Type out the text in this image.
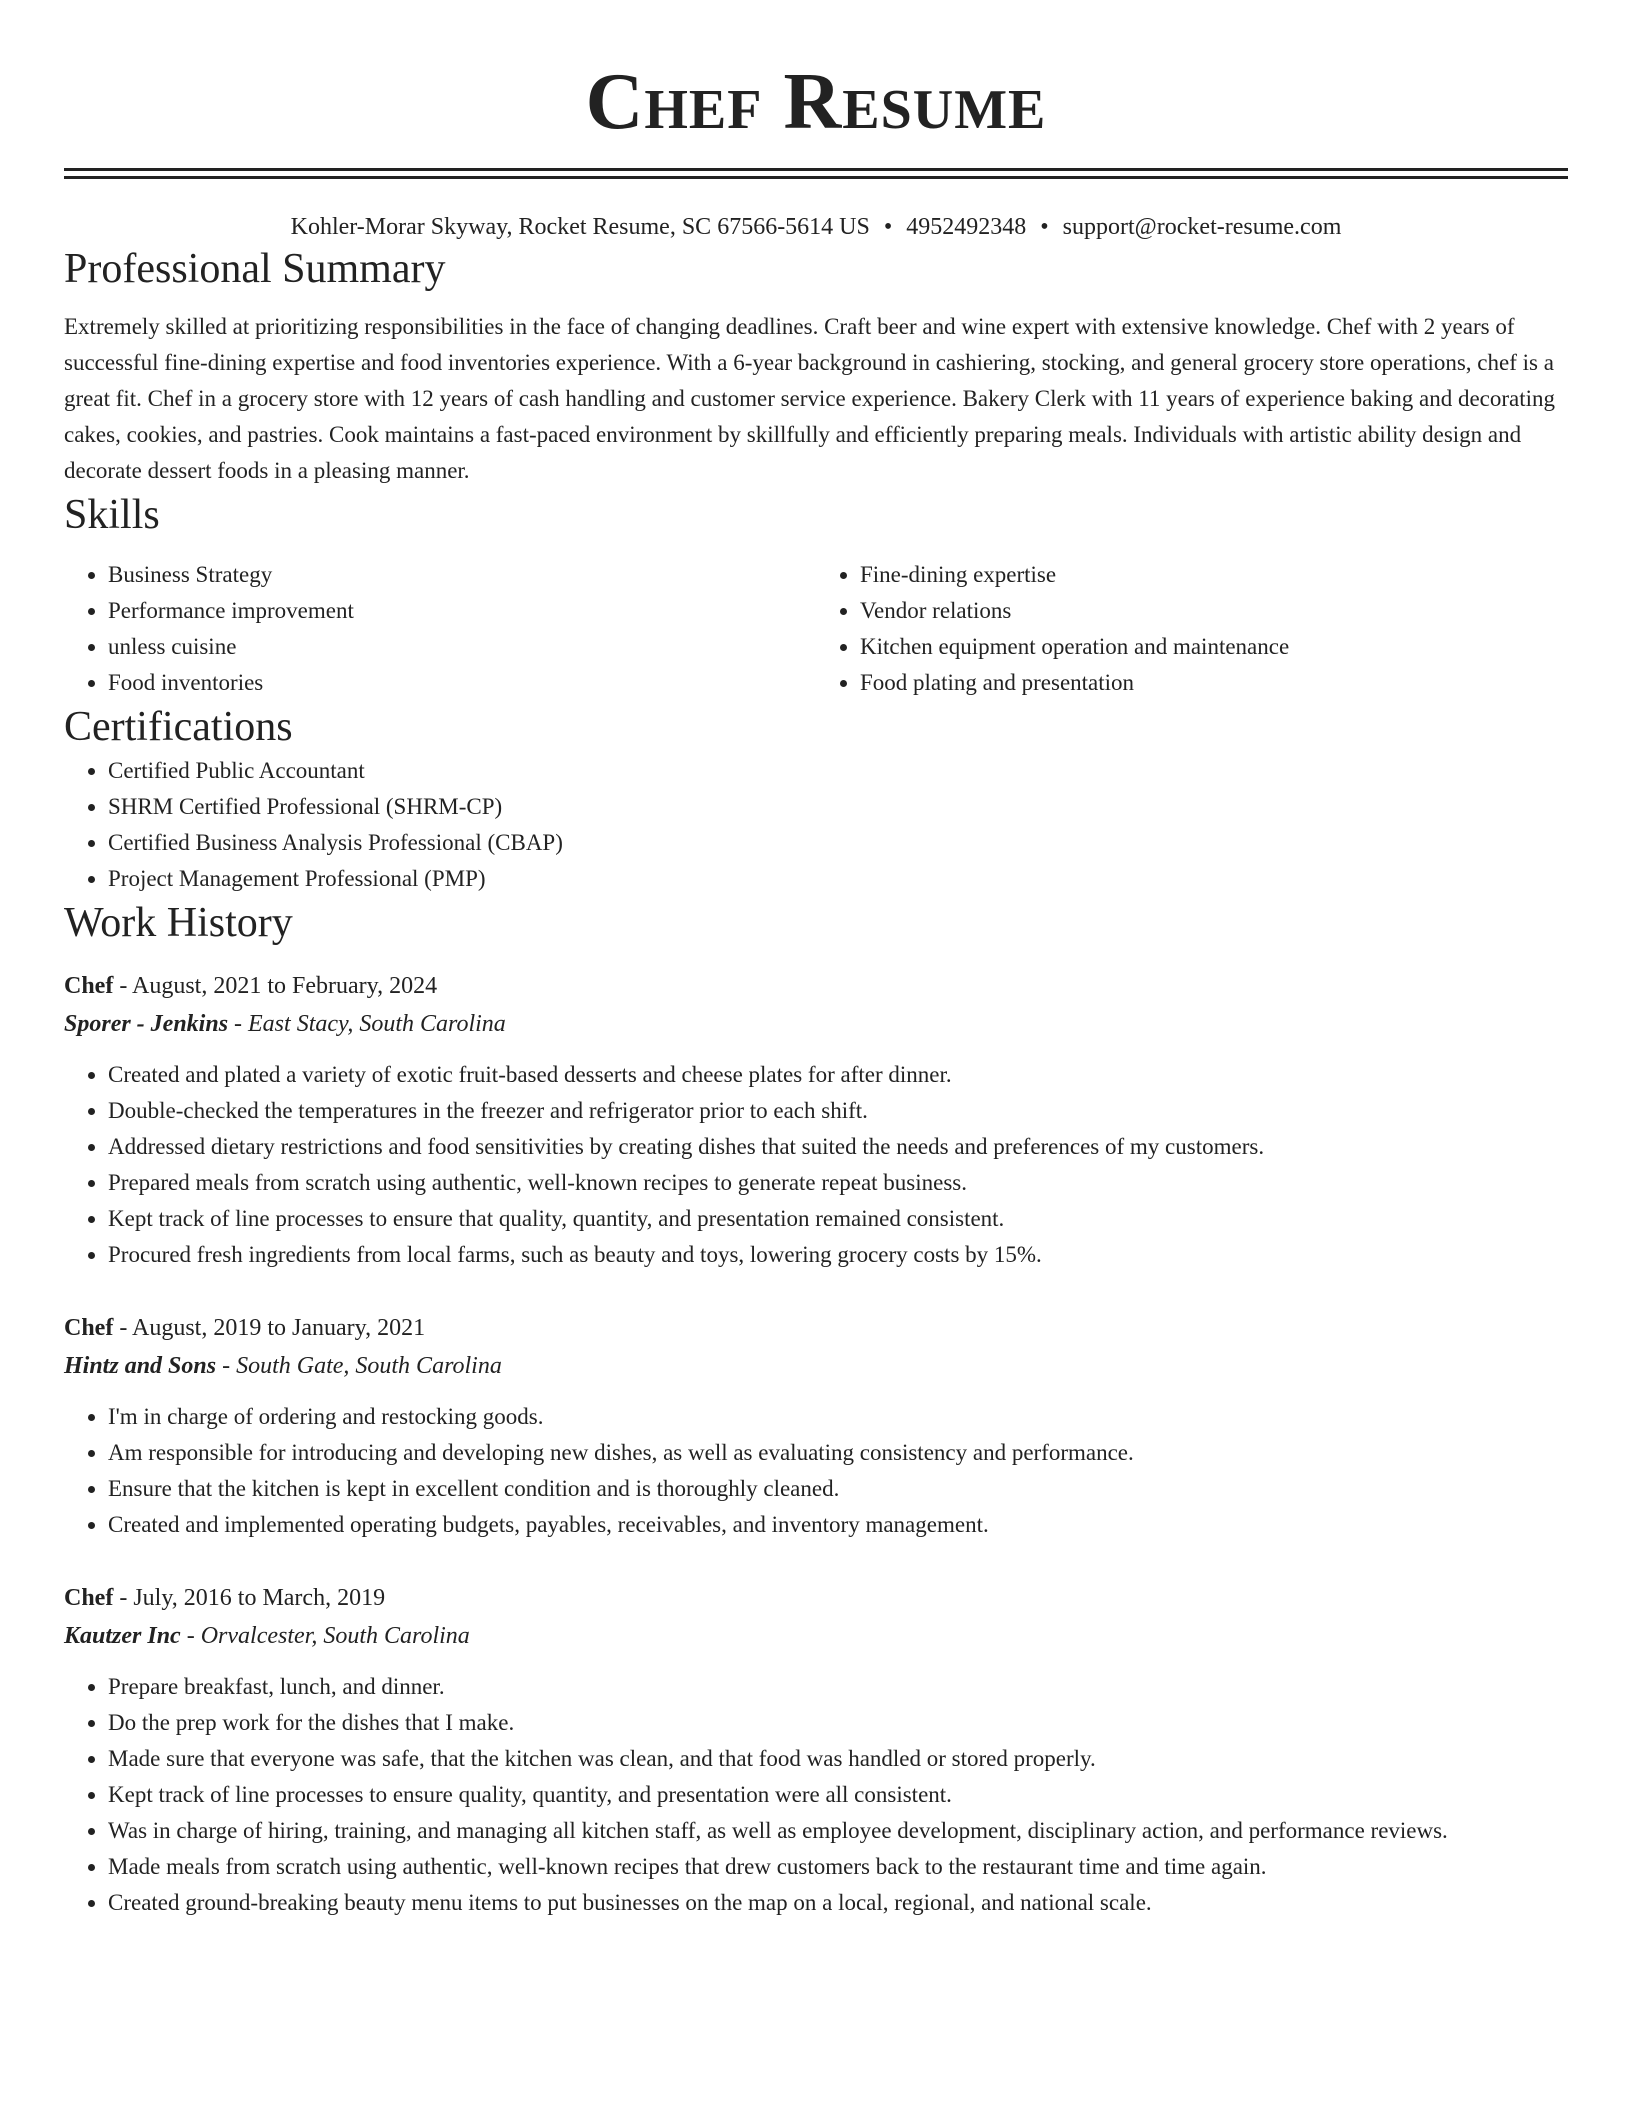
Chef Resume
Kohler-Morar Skyway, Rocket Resume, SC 67566-5614 US • 4952492348 • support@rocket-resume.com
Professional Summary

Extremely skilled at prioritizing responsibilities in the face of changing deadlines. Craft beer and wine expert with extensive knowledge. Chef with 2 years of successful fine-dining expertise and food inventories experience. With a 6-year background in cashiering, stocking, and general grocery store operations, chef is a great fit. Chef in a grocery store with 12 years of cash handling and customer service experience. Bakery Clerk with 11 years of experience baking and decorating cakes, cookies, and pastries. Cook maintains a fast-paced environment by skillfully and efficiently preparing meals. Individuals with artistic ability design and decorate dessert foods in a pleasing manner.

Skills
• Business Strategy
• Performance improvement
• unless cuisine
• Food inventories
• Fine-dining expertise
• Vendor relations
• Kitchen equipment operation and maintenance
• Food plating and presentation
Certifications
• Certified Public Accountant
• SHRM Certified Professional (SHRM-CP)
• Certified Business Analysis Professional (CBAP)
• Project Management Professional (PMP)
Work History
Chef - August, 2021 to February, 2024
Sporer - Jenkins - East Stacy, South Carolina
• Created and plated a variety of exotic fruit-based desserts and cheese plates for after dinner.
• Double-checked the temperatures in the freezer and refrigerator prior to each shift.
• Addressed dietary restrictions and food sensitivities by creating dishes that suited the needs and preferences of my customers.
• Prepared meals from scratch using authentic, well-known recipes to generate repeat business.
• Kept track of line processes to ensure that quality, quantity, and presentation remained consistent.
• Procured fresh ingredients from local farms, such as beauty and toys, lowering grocery costs by 15%.
Chef - August, 2019 to January, 2021
Hintz and Sons - South Gate, South Carolina
• I'm in charge of ordering and restocking goods.
• Am responsible for introducing and developing new dishes, as well as evaluating consistency and performance.
• Ensure that the kitchen is kept in excellent condition and is thoroughly cleaned.
• Created and implemented operating budgets, payables, receivables, and inventory management.
Chef - July, 2016 to March, 2019
Kautzer Inc - Orvalcester, South Carolina
• Prepare breakfast, lunch, and dinner.
• Do the prep work for the dishes that I make.
• Made sure that everyone was safe, that the kitchen was clean, and that food was handled or stored properly.
• Kept track of line processes to ensure quality, quantity, and presentation were all consistent.
• Was in charge of hiring, training, and managing all kitchen staff, as well as employee development, disciplinary action, and performance reviews.
• Made meals from scratch using authentic, well-known recipes that drew customers back to the restaurant time and time again.
• Created ground-breaking beauty menu items to put businesses on the map on a local, regional, and national scale.
